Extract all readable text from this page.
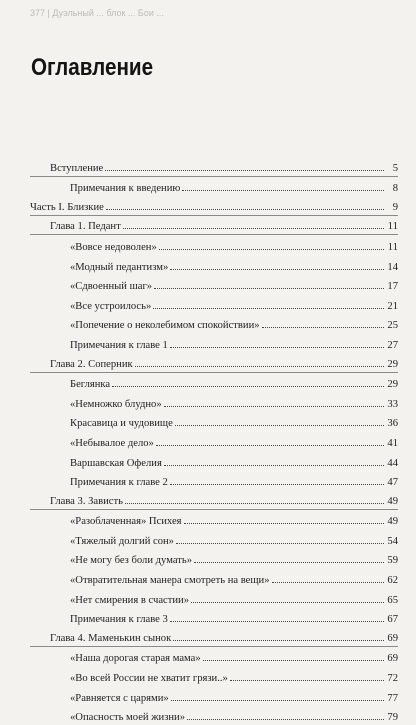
377 | Дуэльный ... блок ... Бои ...
Оглавление
Вступление	5
Примечания к введению	8
Часть I. Близкие	9
Глава 1. Педант	11
«Вовсе недоволен»	11
«Модный педантизм»	14
«Сдвоенный шаг»	17
«Все устроилось»	21
«Попечение о неколебимом спокойствии»	25
Примечания к главе 1	27
Глава 2. Соперник	29
Беглянка	29
«Немножко блудно»	33
Красавица и чудовище	36
«Небывалое дело»	41
Варшавская Офелия	44
Примечания к главе 2	47
Глава 3. Зависть	49
«Разоблаченная» Психея	49
«Тяжелый долгий сон»	54
«Не могу без боли думать»	59
«Отвратительная манера смотреть на вещи»	62
«Нет смирения в счастии»	65
Примечания к главе 3	67
Глава 4. Маменькин сынок	69
«Наша дорогая старая мама»	69
«Во всей России не хватит грязи..»	72
«Равняется с царями»	77
«Опасность моей жизни»	79
